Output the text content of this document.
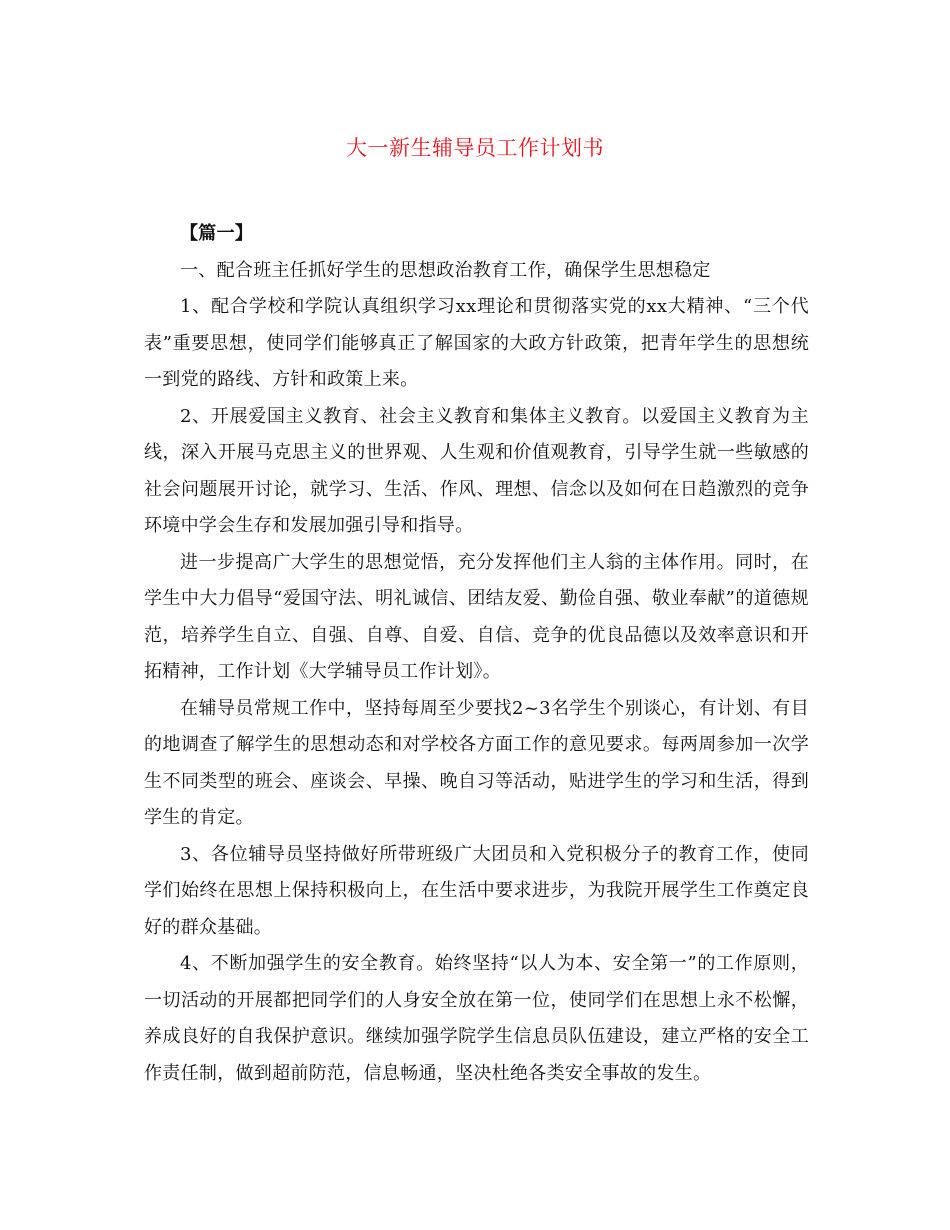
大一新生辅导员工作计划书

【篇一】

一、配合班主任抓好学生的思想政治教育工作，确保学生思想稳定

1、配合学校和学院认真组织学习xx理论和贯彻落实党的xx大精神、“三个代表”重要思想，使同学们能够真正了解国家的大政方针政策，把青年学生的思想统一到党的路线、方针和政策上来。

2、开展爱国主义教育、社会主义教育和集体主义教育。以爱国主义教育为主线，深入开展马克思主义的世界观、人生观和价值观教育，引导学生就一些敏感的社会问题展开讨论，就学习、生活、作风、理想、信念以及如何在日趋激烈的竞争环境中学会生存和发展加强引导和指导。

进一步提高广大学生的思想觉悟，充分发挥他们主人翁的主体作用。同时，在学生中大力倡导“爱国守法、明礼诚信、团结友爱、勤俭自强、敬业奉献”的道德规范，培养学生自立、自强、自尊、自爱、自信、竞争的优良品德以及效率意识和开拓精神，工作计划《大学辅导员工作计划》。

在辅导员常规工作中，坚持每周至少要找2~3名学生个别谈心，有计划、有目的地调查了解学生的思想动态和对学校各方面工作的意见要求。每两周参加一次学生不同类型的班会、座谈会、早操、晚自习等活动，贴进学生的学习和生活，得到学生的肯定。

3、各位辅导员坚持做好所带班级广大团员和入党积极分子的教育工作，使同学们始终在思想上保持积极向上，在生活中要求进步，为我院开展学生工作奠定良好的群众基础。

4、不断加强学生的安全教育。始终坚持“以人为本、安全第一”的工作原则，一切活动的开展都把同学们的人身安全放在第一位，使同学们在思想上永不松懈，养成良好的自我保护意识。继续加强学院学生信息员队伍建设，建立严格的安全工作责任制，做到超前防范，信息畅通，坚决杜绝各类安全事故的发生。
